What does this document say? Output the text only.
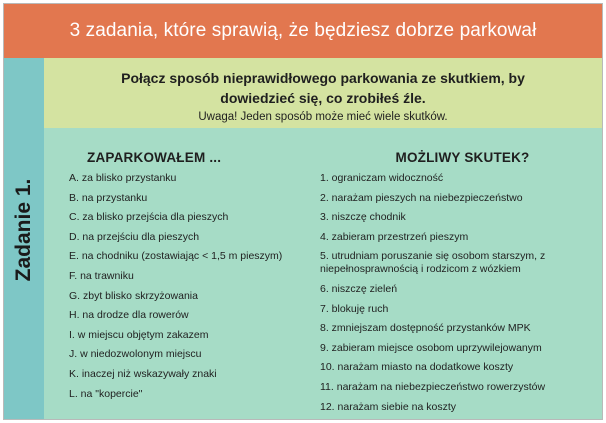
3 zadania, które sprawią, że będziesz dobrze parkował
Zadanie 1.
Połącz sposób nieprawidłowego parkowania ze skutkiem, by dowiedzieć się, co zrobiłeś źle.
Uwaga! Jeden sposób może mieć wiele skutków.
ZAPARKOWAŁEM ...
A. za blisko przystanku
B. na przystanku
C. za blisko przejścia dla pieszych
D. na przejściu dla pieszych
E. na chodniku (zostawiając < 1,5 m pieszym)
F. na trawniku
G. zbyt blisko skrzyżowania
H. na drodze dla rowerów
I. w miejscu objętym zakazem
J. w niedozwolonym miejscu
K. inaczej niż wskazywały znaki
L. na "kopercie"
MOŻLIWY SKUTEK?
1. ograniczam widoczność
2. narażam pieszych na niebezpieczeństwo
3. niszczę chodnik
4. zabieram przestrzeń pieszym
5. utrudniam poruszanie się osobom starszym, z niepełnosprawnością i rodzicom z wózkiem
6. niszczę zieleń
7. blokuję ruch
8. zmniejszam dostępność przystanków MPK
9. zabieram miejsce osobom uprzywilejowanym
10. narażam miasto na dodatkowe koszty
11. narażam na niebezpieczeństwo rowerzystów
12. narażam siebie na koszty
